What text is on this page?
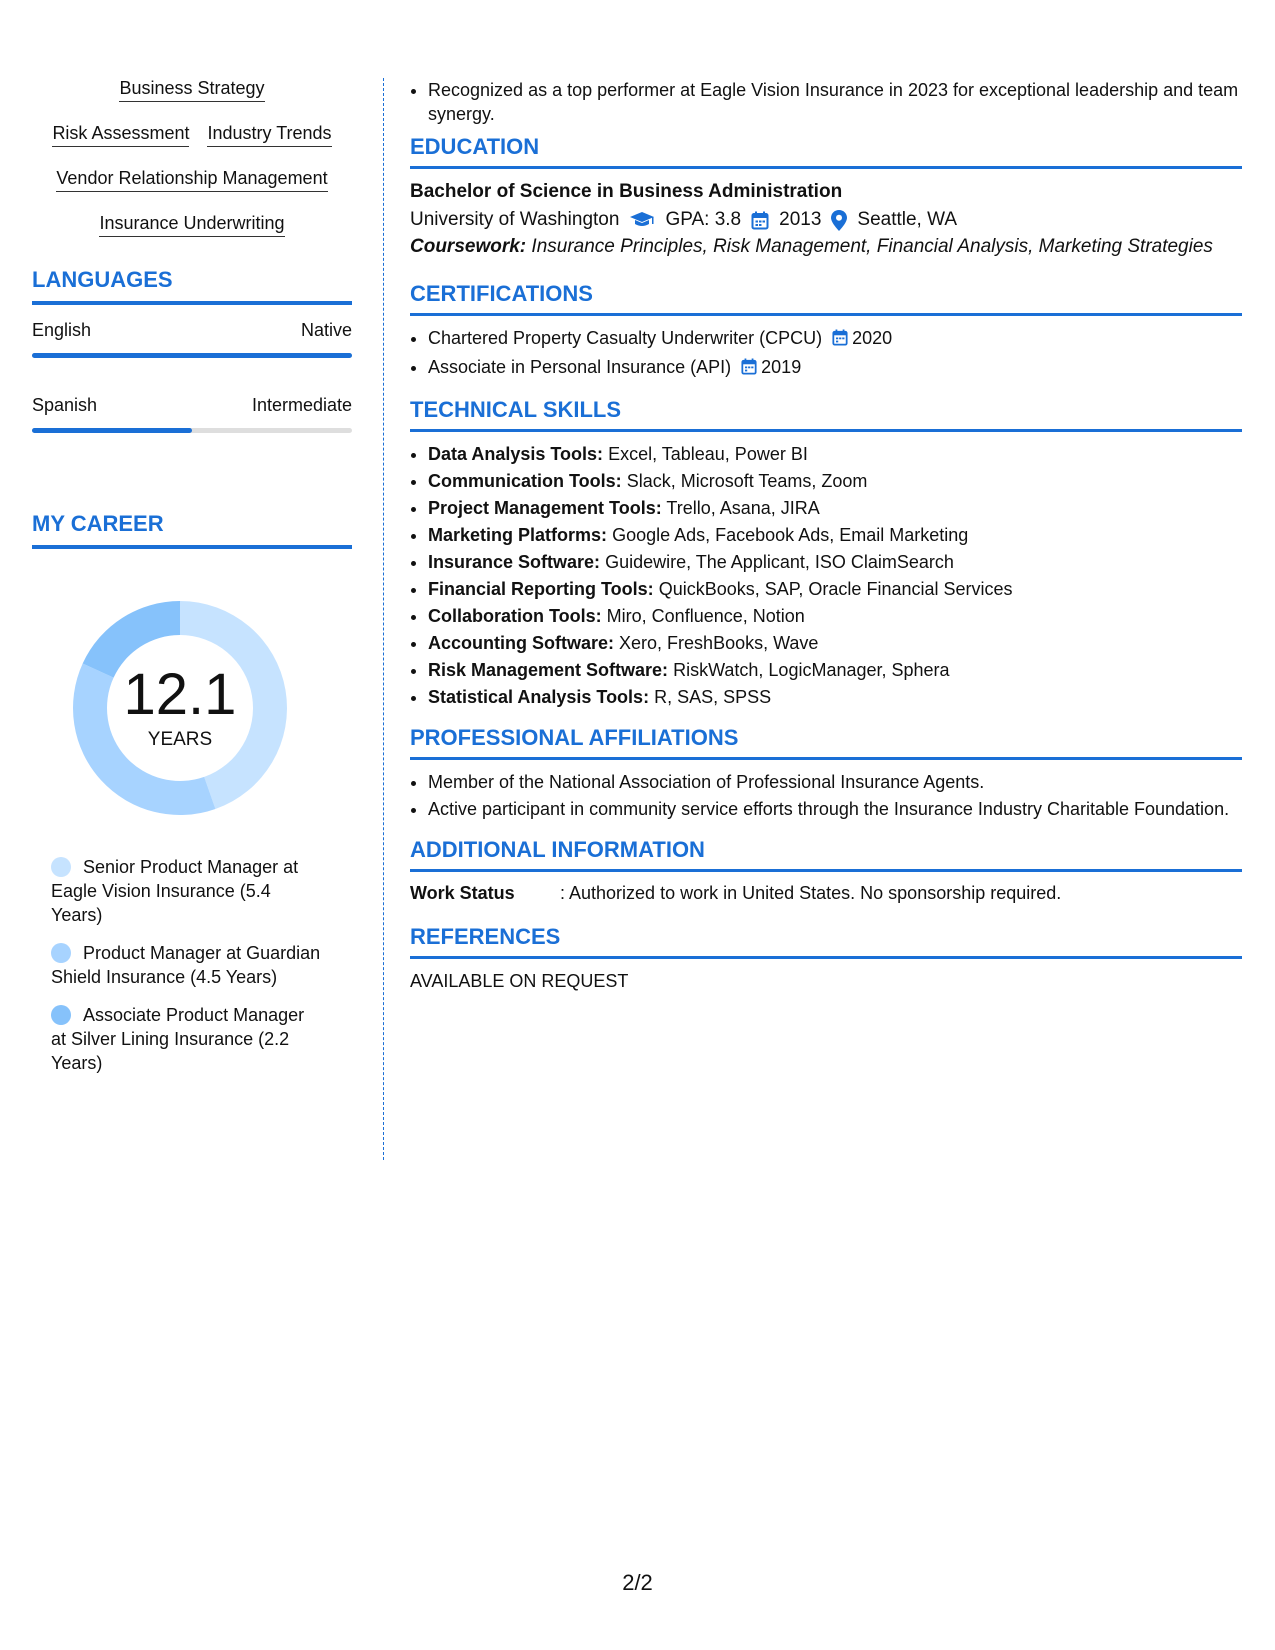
Business Strategy
Risk Assessment Industry Trends
Vendor Relationship Management
Insurance Underwriting
LANGUAGES
English	Native
Spanish	Intermediate
MY CAREER
12.1
YEARS
Senior Product Manager at Eagle Vision Insurance (5.4 Years)
Product Manager at Guardian Shield Insurance (4.5 Years)
Associate Product Manager at Silver Lining Insurance (2.2 Years)
• Recognized as a top performer at Eagle Vision Insurance in 2023 for exceptional leadership and team synergy.
EDUCATION
Bachelor of Science in Business Administration
University of Washington GPA: 3.8 2013 Seattle, WA
Coursework: Insurance Principles, Risk Management, Financial Analysis, Marketing Strategies
CERTIFICATIONS
• Chartered Property Casualty Underwriter (CPCU) 2020
• Associate in Personal Insurance (API) 2019
TECHNICAL SKILLS
• Data Analysis Tools: Excel, Tableau, Power BI
• Communication Tools: Slack, Microsoft Teams, Zoom
• Project Management Tools: Trello, Asana, JIRA
• Marketing Platforms: Google Ads, Facebook Ads, Email Marketing
• Insurance Software: Guidewire, The Applicant, ISO ClaimSearch
• Financial Reporting Tools: QuickBooks, SAP, Oracle Financial Services
• Collaboration Tools: Miro, Confluence, Notion
• Accounting Software: Xero, FreshBooks, Wave
• Risk Management Software: RiskWatch, LogicManager, Sphera
• Statistical Analysis Tools: R, SAS, SPSS
PROFESSIONAL AFFILIATIONS
• Member of the National Association of Professional Insurance Agents.
• Active participant in community service efforts through the Insurance Industry Charitable Foundation.
ADDITIONAL INFORMATION
Work Status	: Authorized to work in United States. No sponsorship required.
REFERENCES
AVAILABLE ON REQUEST
2/2
